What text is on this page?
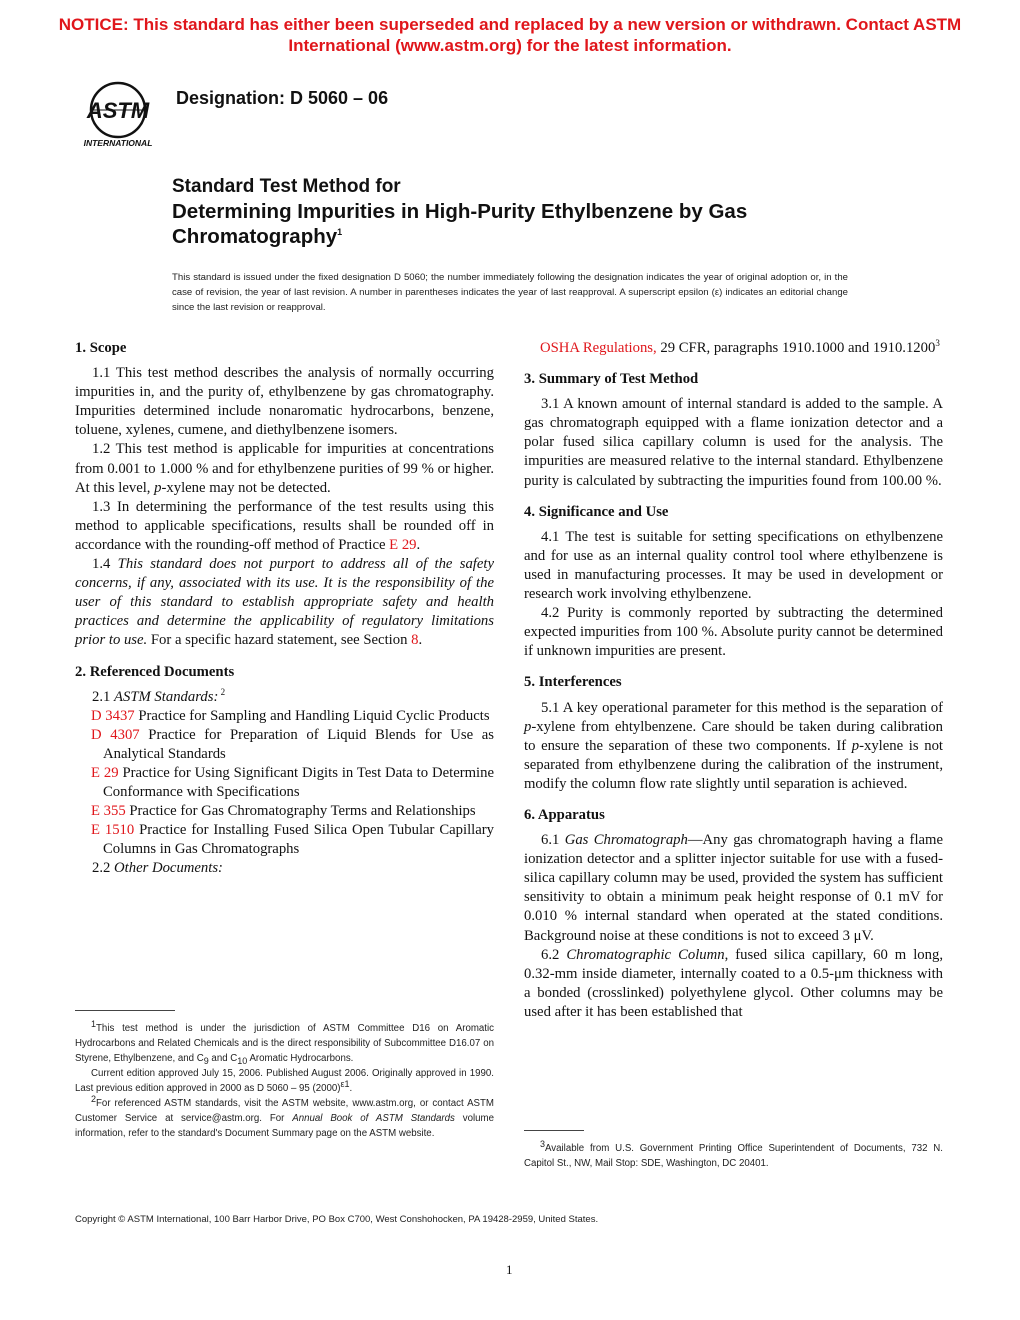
NOTICE: This standard has either been superseded and replaced by a new version or withdrawn. Contact ASTM
International (www.astm.org) for the latest information.
ASTM
INTERNATIONAL
Designation: D 5060 – 06
Standard Test Method for
Determining Impurities in High-Purity Ethylbenzene by Gas
Chromatography$^1$
This standard is issued under the fixed designation D 5060; the number immediately following the designation indicates the year of original adoption or, in the case of revision, the year of last revision. A number in parentheses indicates the year of last reapproval. A superscript epsilon (ε) indicates an editorial change since the last revision or reapproval.
1. Scope

1.1 This test method describes the analysis of normally occurring impurities in, and the purity of, ethylbenzene by gas chromatography. Impurities determined include nonaromatic hydrocarbons, benzene, toluene, xylenes, cumene, and diethylbenzene isomers.

1.2 This test method is applicable for impurities at concentrations from 0.001 to 1.000 % and for ethylbenzene purities of 99 % or higher. At this level, p-xylene may not be detected.

1.3 In determining the performance of the test results using this method to applicable specifications, results shall be rounded off in accordance with the rounding-off method of Practice E 29.

1.4 This standard does not purport to address all of the safety concerns, if any, associated with its use. It is the responsibility of the user of this standard to establish appropriate safety and health practices and determine the applicability of regulatory limitations prior to use. For a specific hazard statement, see Section 8.

2. Referenced Documents

2.1 ASTM Standards: $^2$

D 3437 Practice for Sampling and Handling Liquid Cyclic Products

D 4307 Practice for Preparation of Liquid Blends for Use as Analytical Standards

E 29 Practice for Using Significant Digits in Test Data to Determine Conformance with Specifications

E 355 Practice for Gas Chromatography Terms and Relationships

E 1510 Practice for Installing Fused Silica Open Tubular Capillary Columns in Gas Chromatographs

2.2 Other Documents:

OSHA Regulations, 29 CFR, paragraphs 1910.1000 and 1910.1200$^3$

3. Summary of Test Method

3.1 A known amount of internal standard is added to the sample. A gas chromatograph equipped with a flame ionization detector and a polar fused silica capillary column is used for the analysis. The impurities are measured relative to the internal standard. Ethylbenzene purity is calculated by subtracting the impurities found from 100.00 %.

4. Significance and Use

4.1 The test is suitable for setting specifications on ethylbenzene and for use as an internal quality control tool where ethylbenzene is used in manufacturing processes. It may be used in development or research work involving ethylbenzene.

4.2 Purity is commonly reported by subtracting the determined expected impurities from 100 %. Absolute purity cannot be determined if unknown impurities are present.

5. Interferences

5.1 A key operational parameter for this method is the separation of p-xylene from ehtylbenzene. Care should be taken during calibration to ensure the separation of these two components. If p-xylene is not separated from ethylbenzene during the calibration of the instrument, modify the column flow rate slightly until separation is achieved.

6. Apparatus

6.1 Gas Chromatograph—Any gas chromatograph having a flame ionization detector and a splitter injector suitable for use with a fused-silica capillary column may be used, provided the system has sufficient sensitivity to obtain a minimum peak height response of 0.1 mV for 0.010 % internal standard when operated at the stated conditions. Background noise at these conditions is not to exceed 3 μV.

6.2 Chromatographic Column, fused silica capillary, 60 m long, 0.32-mm inside diameter, internally coated to a 0.5-μm thickness with a bonded (crosslinked) polyethylene glycol. Other columns may be used after it has been established that

$^1$This test method is under the jurisdiction of ASTM Committee D16 on Aromatic Hydrocarbons and Related Chemicals and is the direct responsibility of Subcommittee D16.07 on Styrene, Ethylbenzene, and $C_9$ and $C_{10}$ Aromatic Hydrocarbons.

Current edition approved July 15, 2006. Published August 2006. Originally approved in 1990. Last previous edition approved in 2000 as D 5060 – 95 $(2000)^{\varepsilon 1}$.

$^2$For referenced ASTM standards, visit the ASTM website, www.astm.org, or contact ASTM Customer Service at service@astm.org. For Annual Book of ASTM Standards volume information, refer to the standard's Document Summary page on the ASTM website.

$^3$Available from U.S. Government Printing Office Superintendent of Documents, 732 N. Capitol St., NW, Mail Stop: SDE, Washington, DC 20401.

Copyright © ASTM International, 100 Barr Harbor Drive, PO Box C700, West Conshohocken, PA 19428-2959, United States.
1
